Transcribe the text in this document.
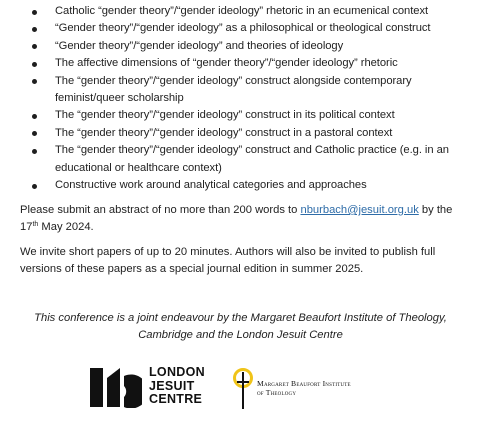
Catholic “gender theory”/“gender ideology” rhetoric in an ecumenical context
“Gender theory”/“gender ideology” as a philosophical or theological construct
“Gender theory”/“gender ideology” and theories of ideology
The affective dimensions of “gender theory”/“gender ideology” rhetoric
The “gender theory”/“gender ideology” construct alongside contemporary feminist/queer scholarship
The “gender theory”/“gender ideology” construct in its political context
The “gender theory”/“gender ideology” construct in a pastoral context
The “gender theory”/“gender ideology” construct and Catholic practice (e.g. in an educational or healthcare context)
Constructive work around analytical categories and approaches

Please submit an abstract of no more than 200 words to nburbach@jesuit.org.uk by the 17th May 2024.

We invite short papers of up to 20 minutes. Authors will also be invited to publish full versions of these papers as a special journal edition in summer 2025.

This conference is a joint endeavour by the Margaret Beaufort Institute of Theology, Cambridge and the London Jesuit Centre

LONDON
JESUIT
CENTRE
Margaret Beaufort Institute
of Theology
